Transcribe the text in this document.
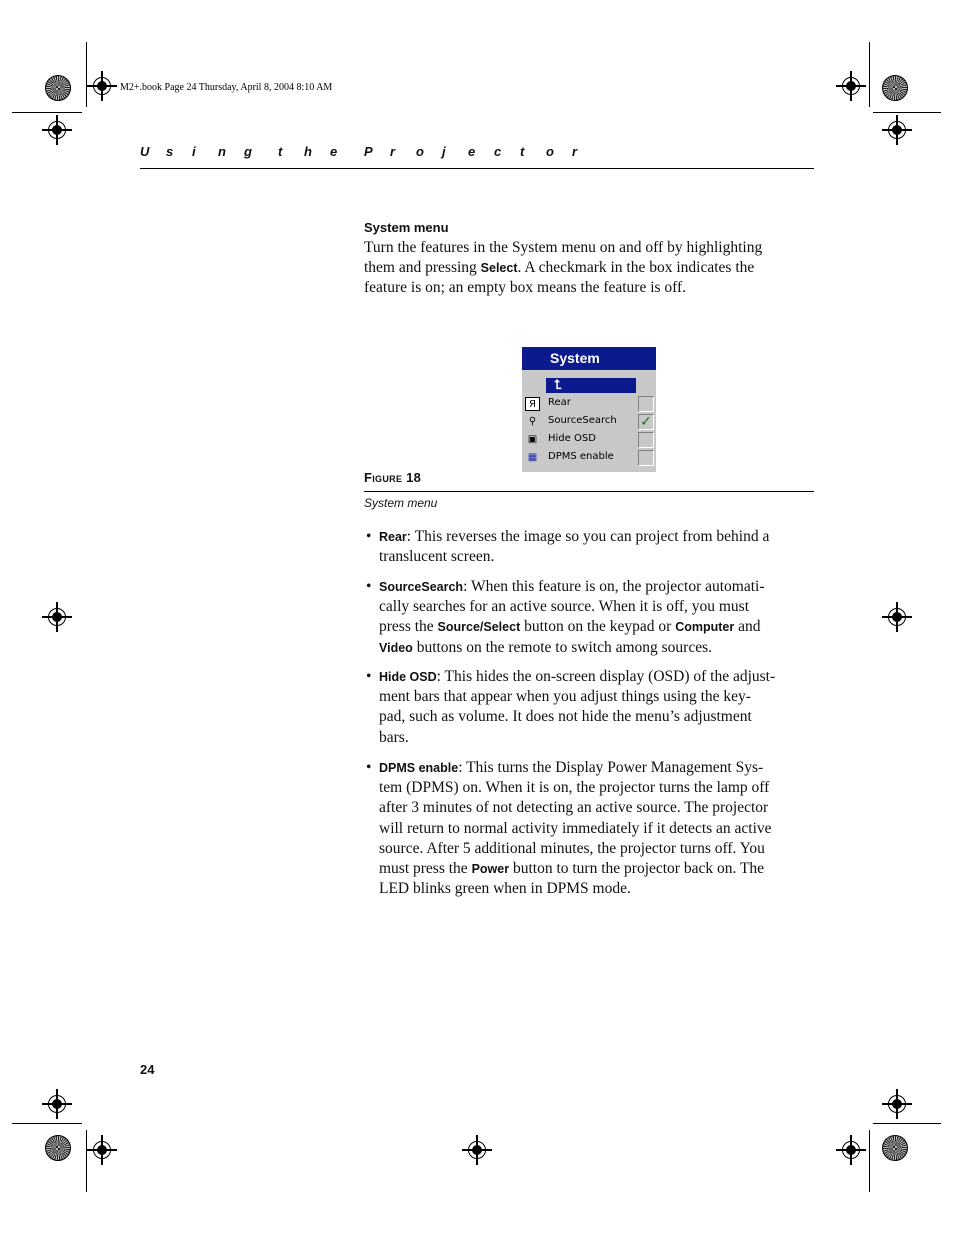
M2+.book Page 24 Thursday, April 8, 2004 8:10 AM
U s i n g t h e P r o j e c t o r
System menu
Turn the features in the System menu on and off by highlighting
them and pressing Select. A checkmark in the box indicates the
feature is on; an empty box means the feature is off.
System
⮤
Я	Rear
⚲	SourceSearch ✓
▣ Hide OSD
▦ DPMS enable
Figure 18
System menu
• Rear: This reverses the image so you can project from behind a
translucent screen.
• SourceSearch: When this feature is on, the projector automati-
cally searches for an active source. When it is off, you must
press the Source/Select button on the keypad or Computer and
Video buttons on the remote to switch among sources.
• Hide OSD: This hides the on-screen display (OSD) of the adjust-
ment bars that appear when you adjust things using the key-
pad, such as volume. It does not hide the menu’s adjustment
bars.
• DPMS enable: This turns the Display Power Management Sys-
tem (DPMS) on. When it is on, the projector turns the lamp off
after 3 minutes of not detecting an active source. The projector
will return to normal activity immediately if it detects an active
source. After 5 additional minutes, the projector turns off. You
must press the Power button to turn the projector back on. The
LED blinks green when in DPMS mode.
24
